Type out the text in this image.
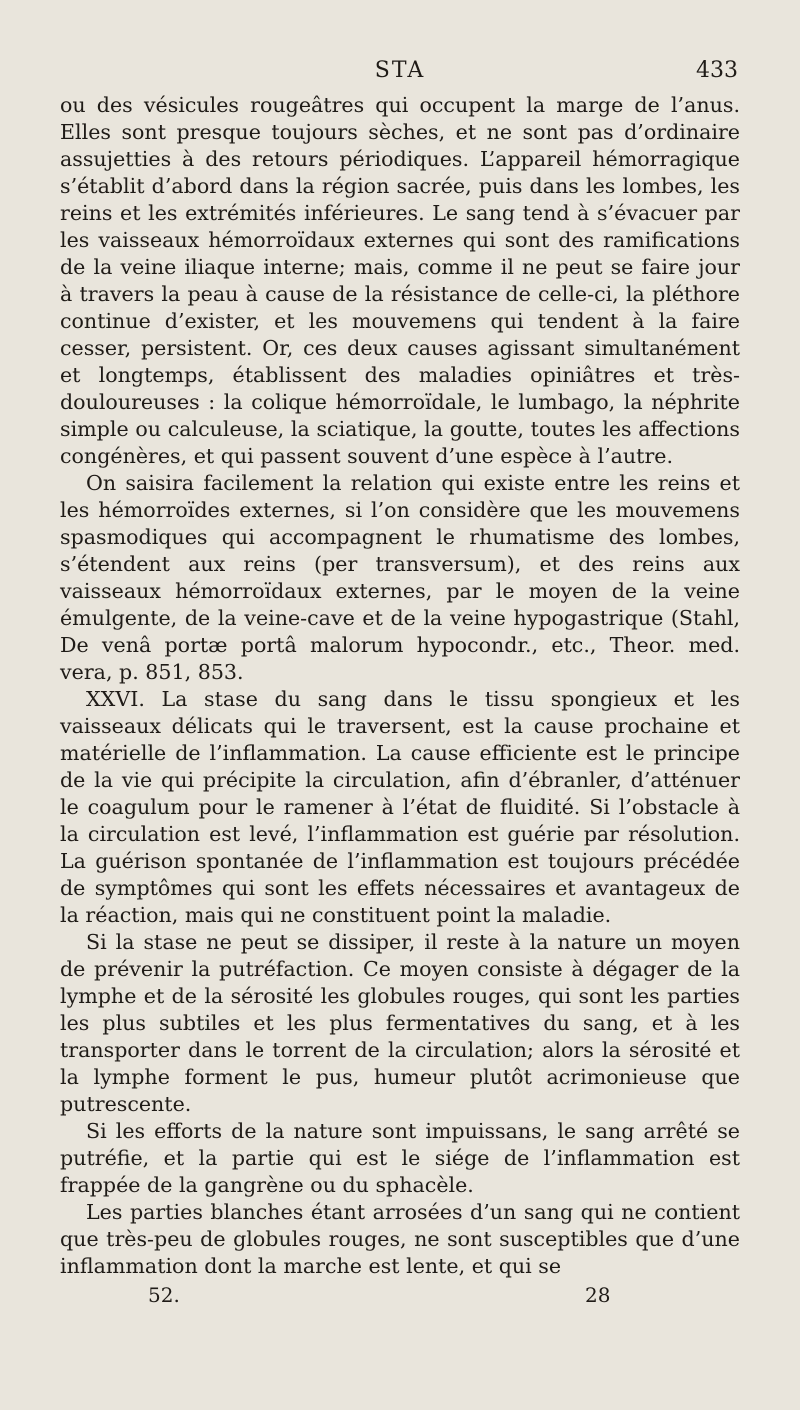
STA	433

ou des vésicules rougeâtres qui occupent la marge de l’anus. Elles sont presque toujours sèches, et ne sont pas d’ordinaire assujetties à des retours périodiques. L’appareil hémorragique s’établit d’abord dans la région sacrée, puis dans les lombes, les reins et les extrémités inférieures. Le sang tend à s’évacuer par les vaisseaux hémorroïdaux externes qui sont des ramifications de la veine iliaque interne; mais, comme il ne peut se faire jour à travers la peau à cause de la résistance de celle-ci, la pléthore continue d’exister, et les mouvemens qui tendent à la faire cesser, persistent. Or, ces deux causes agissant simultanément et longtemps, établissent des maladies opiniâtres et très-douloureuses : la colique hémorroïdale, le lumbago, la néphrite simple ou calculeuse, la sciatique, la goutte, toutes les affections congénères, et qui passent souvent d’une espèce à l’autre.

On saisira facilement la relation qui existe entre les reins et les hémorroïdes externes, si l’on considère que les mouvemens spasmodiques qui accompagnent le rhumatisme des lombes, s’étendent aux reins (per transversum), et des reins aux vaisseaux hémorroïdaux externes, par le moyen de la veine émulgente, de la veine-cave et de la veine hypogastrique (Stahl, De venâ portæ portâ malorum hypocondr., etc., Theor. med. vera, p. 851, 853.

XXVI. La stase du sang dans le tissu spongieux et les vaisseaux délicats qui le traversent, est la cause prochaine et matérielle de l’inflammation. La cause efficiente est le principe de la vie qui précipite la circulation, afin d’ébranler, d’atténuer le coagulum pour le ramener à l’état de fluidité. Si l’obstacle à la circulation est levé, l’inflammation est guérie par résolution. La guérison spontanée de l’inflammation est toujours précédée de symptômes qui sont les effets nécessaires et avantageux de la réaction, mais qui ne constituent point la maladie.

Si la stase ne peut se dissiper, il reste à la nature un moyen de prévenir la putréfaction. Ce moyen consiste à dégager de la lymphe et de la sérosité les globules rouges, qui sont les parties les plus subtiles et les plus fermentatives du sang, et à les transporter dans le torrent de la circulation; alors la sérosité et la lymphe forment le pus, humeur plutôt acrimonieuse que putrescente.

Si les efforts de la nature sont impuissans, le sang arrêté se putréfie, et la partie qui est le siége de l’inflammation est frappée de la gangrène ou du sphacèle.

Les parties blanches étant arrosées d’un sang qui ne contient que très-peu de globules rouges, ne sont susceptibles que d’une inflammation dont la marche est lente, et qui se

52.	28
